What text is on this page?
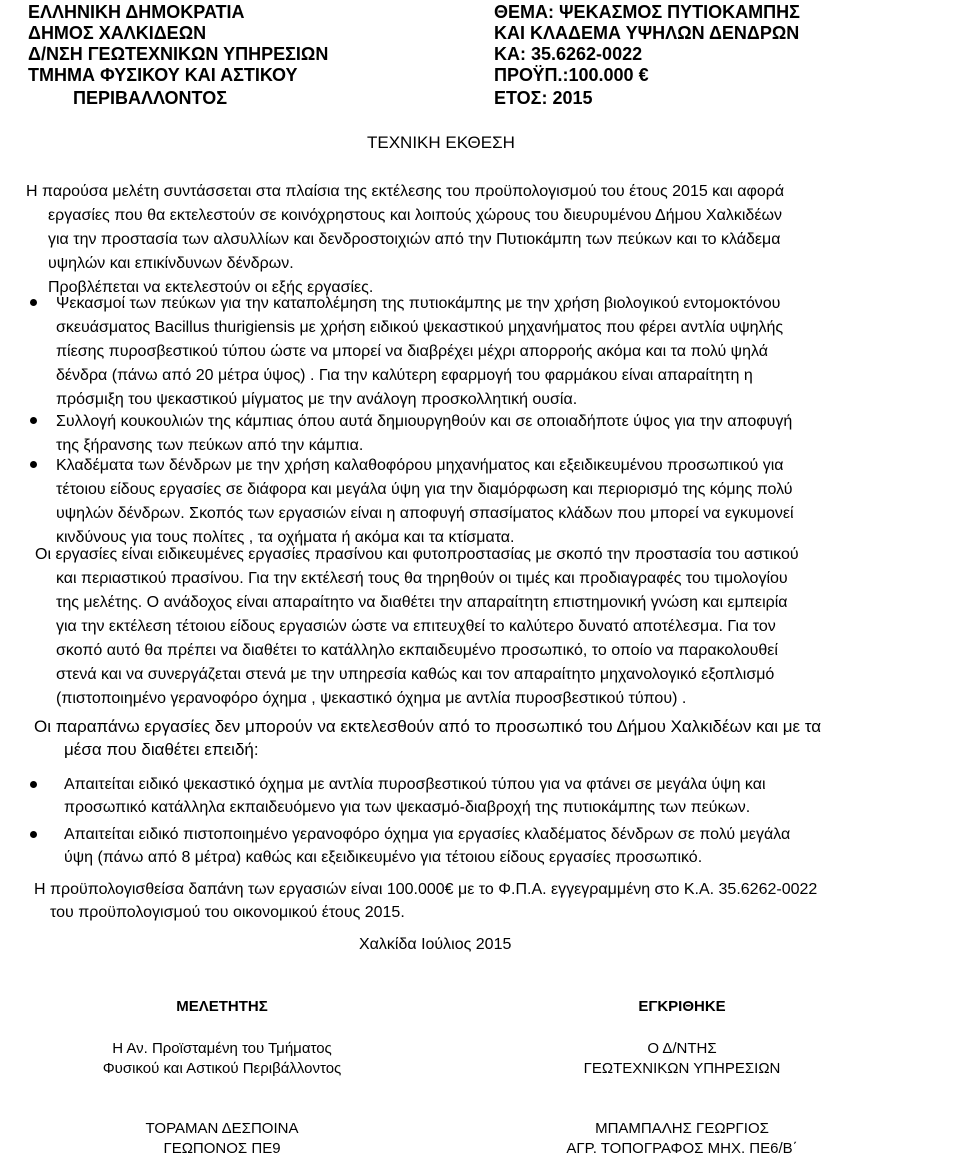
ΕΛΛΗΝΙΚΗ ΔΗΜΟΚΡΑΤΙΑ
ΔΗΜΟΣ ΧΑΛΚΙΔΕΩΝ
Δ/ΝΣΗ ΓΕΩΤΕΧΝΙΚΩΝ ΥΠΗΡΕΣΙΩΝ
ΤΜΗΜΑ ΦΥΣΙΚΟΥ ΚΑΙ ΑΣΤΙΚΟΥ
ΠΕΡΙΒΑΛΛΟΝΤΟΣ
ΘΕΜΑ: ΨΕΚΑΣΜΟΣ ΠΥΤΙΟΚΑΜΠΗΣ
ΚΑΙ ΚΛΑΔΕΜΑ ΥΨΗΛΩΝ ΔΕΝΔΡΩΝ
ΚΑ: 35.6262-0022
ΠΡΟΫΠ.:100.000 €
ΕΤΟΣ: 2015
ΤΕΧΝΙΚΗ ΕΚΘΕΣΗ
Η παρούσα μελέτη συντάσσεται στα πλαίσια της εκτέλεσης του προϋπολογισμού του έτους 2015 και αφορά
εργασίες που θα εκτελεστούν σε κοινόχρηστους και λοιπούς χώρους του διευρυμένου Δήμου Χαλκιδέων
για την προστασία των αλσυλλίων και δενδροστοιχιών από την Πυτιοκάμπη των πεύκων και το κλάδεμα
υψηλών και επικίνδυνων δένδρων.
Προβλέπεται να εκτελεστούν οι εξής εργασίες.
Ψεκασμοί των πεύκων για την καταπολέμηση της πυτιοκάμπης με την χρήση βιολογικού εντομοκτόνου
σκευάσματος Bacillus thurigiensis με χρήση ειδικού ψεκαστικού μηχανήματος που φέρει αντλία υψηλής
πίεσης πυροσβεστικού τύπου ώστε να μπορεί να διαβρέχει μέχρι απορροής ακόμα και τα πολύ ψηλά
δένδρα (πάνω από 20 μέτρα ύψος) . Για την καλύτερη εφαρμογή του φαρμάκου είναι απαραίτητη η
πρόσμιξη του ψεκαστικού μίγματος με την ανάλογη προσκολλητική ουσία.
Συλλογή κουκουλιών της κάμπιας όπου αυτά δημιουργηθούν και σε οποιαδήποτε ύψος για την αποφυγή
της ξήρανσης των πεύκων από την κάμπια.
Κλαδέματα των δένδρων με την χρήση καλαθοφόρου μηχανήματος και εξειδικευμένου προσωπικού για
τέτοιου είδους εργασίες σε διάφορα και μεγάλα ύψη για την διαμόρφωση και περιορισμό της κόμης πολύ
υψηλών δένδρων. Σκοπός των εργασιών είναι η αποφυγή σπασίματος κλάδων που μπορεί να εγκυμονεί
κινδύνους για τους πολίτες , τα οχήματα ή ακόμα και τα κτίσματα.
Οι εργασίες είναι ειδικευμένες εργασίες πρασίνου και φυτοπροστασίας με σκοπό την προστασία του αστικού
και περιαστικού πρασίνου. Για την εκτέλεσή τους θα τηρηθούν οι τιμές και προδιαγραφές του τιμολογίου
της μελέτης. Ο ανάδοχος είναι απαραίτητο να διαθέτει την απαραίτητη επιστημονική γνώση και εμπειρία
για την εκτέλεση τέτοιου είδους εργασιών ώστε να επιτευχθεί το καλύτερο δυνατό αποτέλεσμα. Για τον
σκοπό αυτό θα πρέπει να διαθέτει το κατάλληλο εκπαιδευμένο προσωπικό, το οποίο να παρακολουθεί
στενά και να συνεργάζεται στενά με την υπηρεσία καθώς και τον απαραίτητο μηχανολογικό εξοπλισμό
(πιστοποιημένο γερανοφόρο όχημα , ψεκαστικό όχημα με αντλία πυροσβεστικού τύπου) .
Οι παραπάνω εργασίες δεν μπορούν να εκτελεσθούν από το προσωπικό του Δήμου Χαλκιδέων και με τα
μέσα που διαθέτει επειδή:
Απαιτείται ειδικό ψεκαστικό όχημα με αντλία πυροσβεστικού τύπου για να φτάνει σε μεγάλα ύψη και
προσωπικό κατάλληλα εκπαιδευόμενο για των ψεκασμό-διαβροχή της πυτιοκάμπης των πεύκων.
Απαιτείται ειδικό πιστοποιημένο γερανοφόρο όχημα για εργασίες κλαδέματος δένδρων σε πολύ μεγάλα
ύψη (πάνω από 8 μέτρα) καθώς και εξειδικευμένο για τέτοιου είδους εργασίες προσωπικό.
Η προϋπολογισθείσα δαπάνη των εργασιών είναι 100.000€ με το Φ.Π.Α. εγγεγραμμένη στο Κ.Α. 35.6262-0022
του προϋπολογισμού του οικονομικού έτους 2015.
Χαλκίδα Ιούλιος 2015
ΜΕΛΕΤΗΤΗΣ
Η Αν. Προϊσταμένη του Τμήματος
Φυσικού και Αστικού Περιβάλλοντος
ΤΟΡΑΜΑΝ ΔΕΣΠΟΙΝΑ
ΓΕΩΠΟΝΟΣ ΠΕ9
ΕΓΚΡΙΘΗΚΕ
Ο Δ/ΝΤΗΣ
ΓΕΩΤΕΧΝΙΚΩΝ ΥΠΗΡΕΣΙΩΝ
ΜΠΑΜΠΑΛΗΣ ΓΕΩΡΓΙΟΣ
ΑΓΡ. ΤΟΠΟΓΡΑΦΟΣ ΜΗΧ. ΠΕ6/Β΄
